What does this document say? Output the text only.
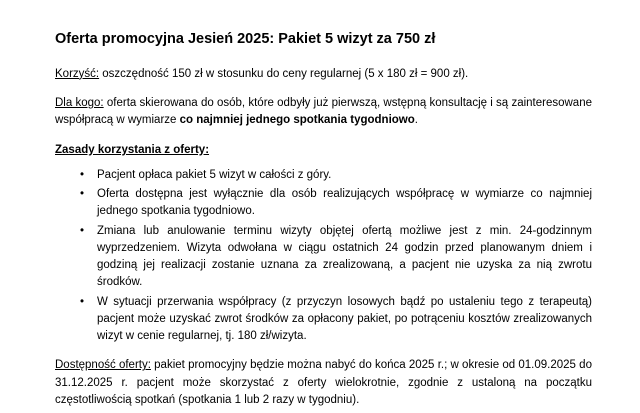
Oferta promocyjna Jesień 2025: Pakiet 5 wizyt za 750 zł

Korzyść: oszczędność 150 zł w stosunku do ceny regularnej (5 x 180 zł = 900 zł).

Dla kogo: oferta skierowana do osób, które odbyły już pierwszą, wstępną konsultację i są zainteresowane współpracą w wymiarze co najmniej jednego spotkania tygodniowo.

Zasady korzystania z oferty:

•	Pacjent opłaca pakiet 5 wizyt w całości z góry.
•	Oferta dostępna jest wyłącznie dla osób realizujących współpracę w wymiarze co najmniej jednego spotkania tygodniowo.
•	Zmiana lub anulowanie terminu wizyty objętej ofertą możliwe jest z min. 24-godzinnym wyprzedzeniem. Wizyta odwołana w ciągu ostatnich 24 godzin przed planowanym dniem i godziną jej realizacji zostanie uznana za zrealizowaną, a pacjent nie uzyska za nią zwrotu środków.
•	W sytuacji przerwania współpracy (z przyczyn losowych bądź po ustaleniu tego z terapeutą) pacjent może uzyskać zwrot środków za opłacony pakiet, po potrąceniu kosztów zrealizowanych wizyt w cenie regularnej, tj. 180 zł/wizyta.

Dostępność oferty: pakiet promocyjny będzie można nabyć do końca 2025 r.; w okresie od 01.09.2025 do 31.12.2025 r. pacjent może skorzystać z oferty wielokrotnie, zgodnie z ustaloną na początku częstotliwością spotkań (spotkania 1 lub 2 razy w tygodniu).
